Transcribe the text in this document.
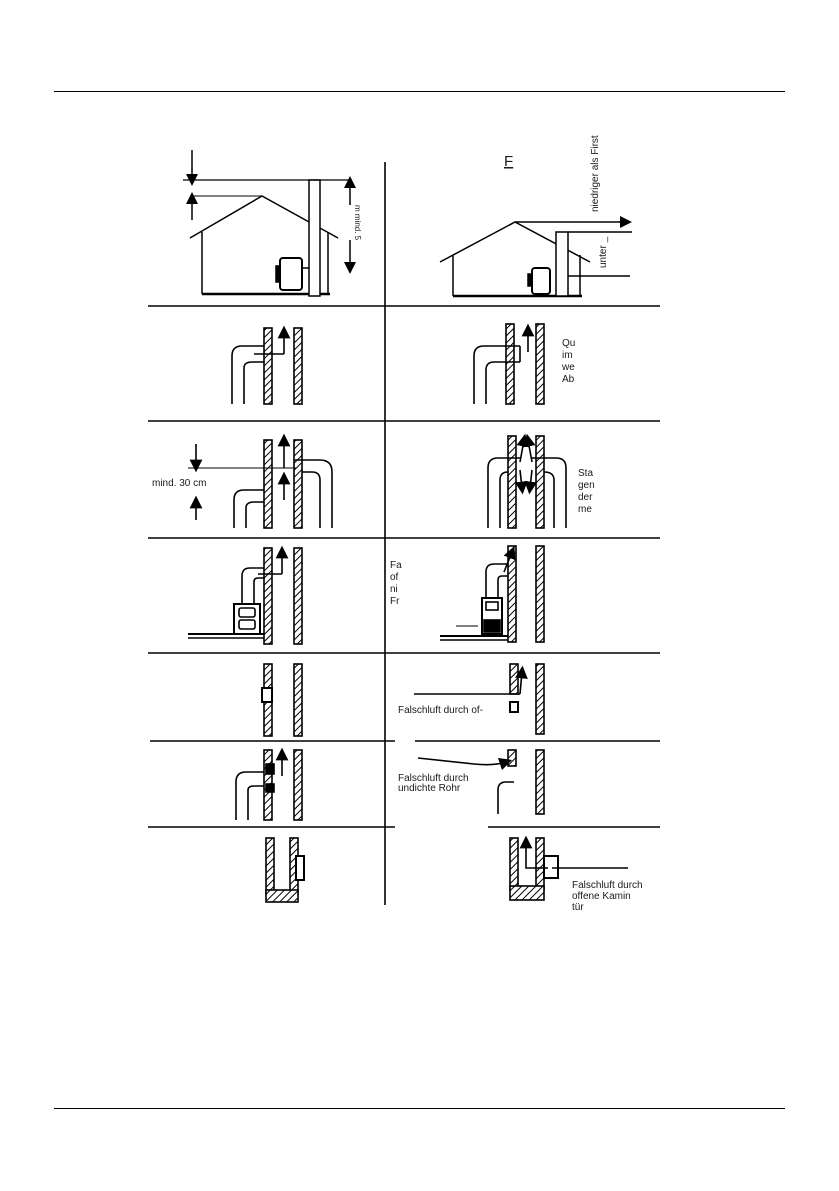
m mind. 5
F	niedriger als First
unter _
Qu im we Ab
mind. 30 cm
Sta gen der me
Fa of ni Fr
Falschluft durch of-
Falschluft durch undichte Rohr
Falschluft durch offene Kamin tür
